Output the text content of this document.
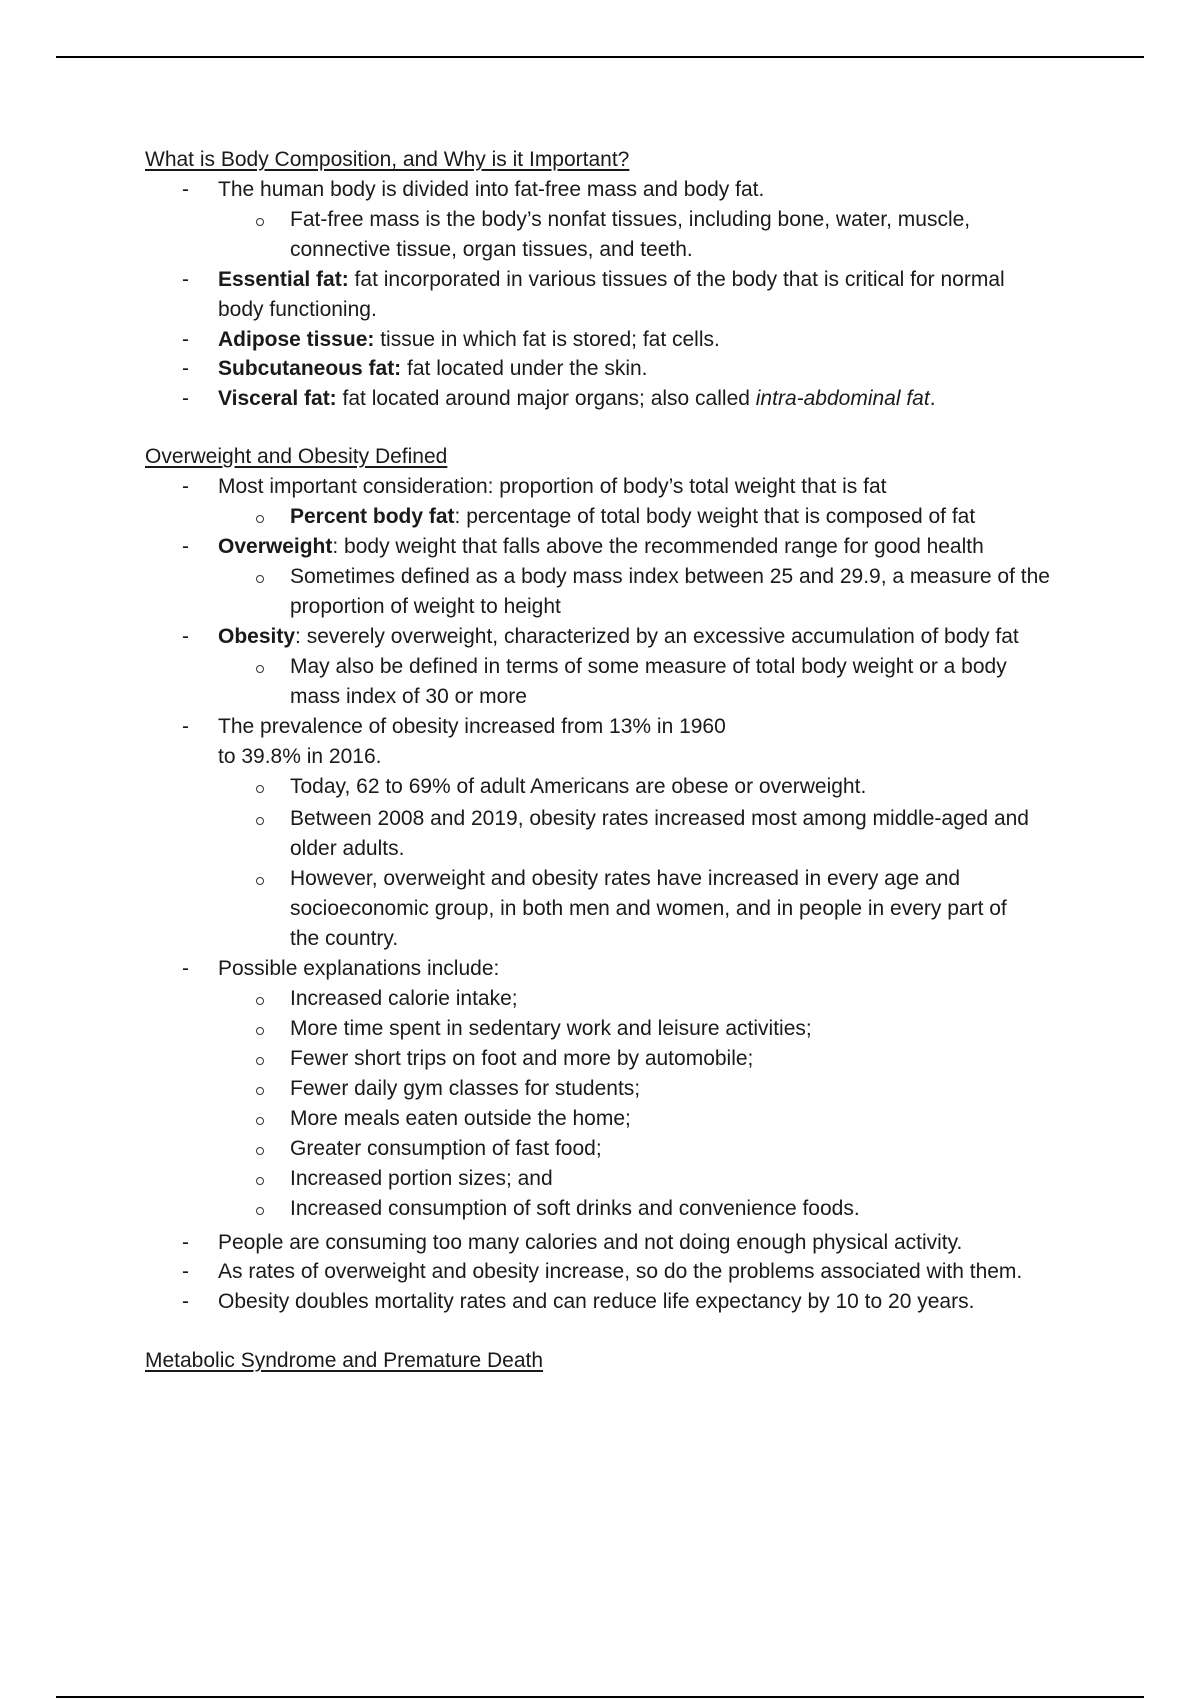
What is Body Composition, and Why is it Important?
- The human body is divided into fat-free mass and body fat.
Fat-free mass is the body’s nonfat tissues, including bone, water, muscle,
connective tissue, organ tissues, and teeth.
- Essential fat: fat incorporated in various tissues of the body that is critical for normal
body functioning.
- Adipose tissue: tissue in which fat is stored; fat cells.
- Subcutaneous fat: fat located under the skin.
- Visceral fat: fat located around major organs; also called intra-abdominal fat.
Overweight and Obesity Defined
- Most important consideration: proportion of body’s total weight that is fat
Percent body fat: percentage of total body weight that is composed of fat
- Overweight: body weight that falls above the recommended range for good health
Sometimes defined as a body mass index between 25 and 29.9, a measure of the
proportion of weight to height
- Obesity: severely overweight, characterized by an excessive accumulation of body fat
May also be defined in terms of some measure of total body weight or a body
mass index of 30 or more
- The prevalence of obesity increased from 13% in 1960
to 39.8% in 2016.
Today, 62 to 69% of adult Americans are obese or overweight.
Between 2008 and 2019, obesity rates increased most among middle-aged and
older adults.
However, overweight and obesity rates have increased in every age and
socioeconomic group, in both men and women, and in people in every part of
the country.
- Possible explanations include:
Increased calorie intake;
More time spent in sedentary work and leisure activities;
Fewer short trips on foot and more by automobile;
Fewer daily gym classes for students;
More meals eaten outside the home;
Greater consumption of fast food;
Increased portion sizes; and
Increased consumption of soft drinks and convenience foods.
- People are consuming too many calories and not doing enough physical activity.
- As rates of overweight and obesity increase, so do the problems associated with them.
- Obesity doubles mortality rates and can reduce life expectancy by 10 to 20 years.
Metabolic Syndrome and Premature Death
